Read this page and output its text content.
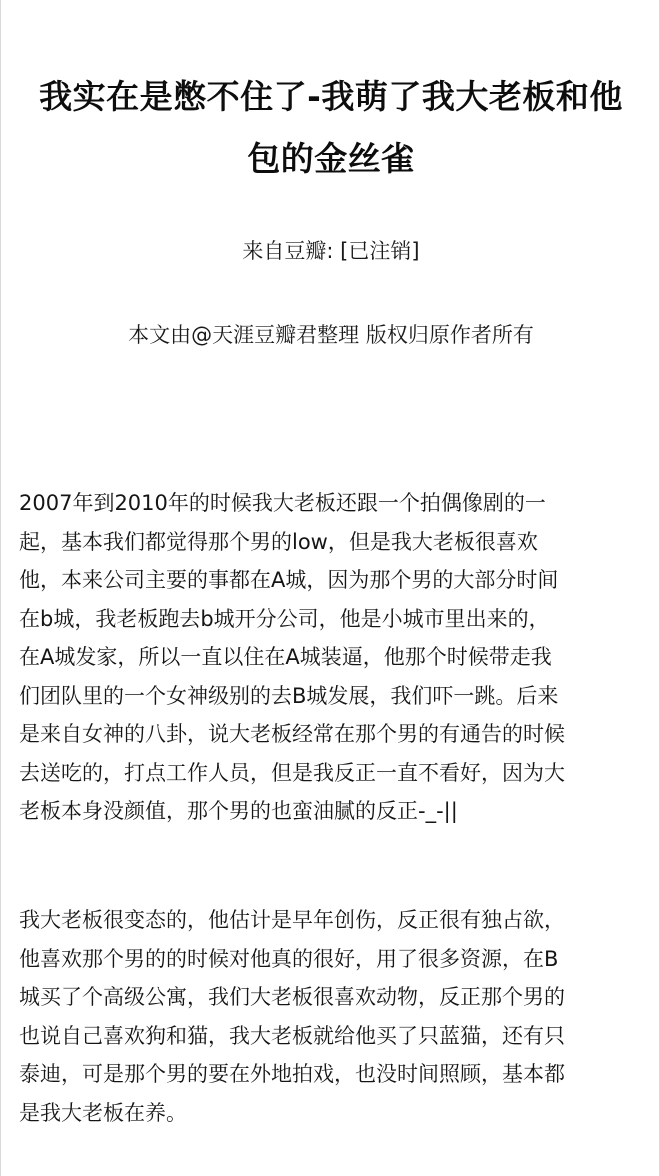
我实在是憋不住了-我萌了我大老板和他
包的金丝雀
来自豆瓣: [已注销]
本文由@天涯豆瓣君整理 版权归原作者所有
2007年到2010年的时候我大老板还跟一个拍偶像剧的一
起，基本我们都觉得那个男的low，但是我大老板很喜欢
他，本来公司主要的事都在A城，因为那个男的大部分时间
在b城，我老板跑去b城开分公司，他是小城市里出来的，
在A城发家，所以一直以住在A城装逼，他那个时候带走我
们团队里的一个女神级别的去B城发展，我们吓一跳。后来
是来自女神的八卦，说大老板经常在那个男的有通告的时候
去送吃的，打点工作人员，但是我反正一直不看好，因为大
老板本身没颜值，那个男的也蛮油腻的反正-_-||
我大老板很变态的，他估计是早年创伤，反正很有独占欲，
他喜欢那个男的的时候对他真的很好，用了很多资源，在B
城买了个高级公寓，我们大老板很喜欢动物，反正那个男的
也说自己喜欢狗和猫，我大老板就给他买了只蓝猫，还有只
泰迪，可是那个男的要在外地拍戏，也没时间照顾，基本都
是我大老板在养。
